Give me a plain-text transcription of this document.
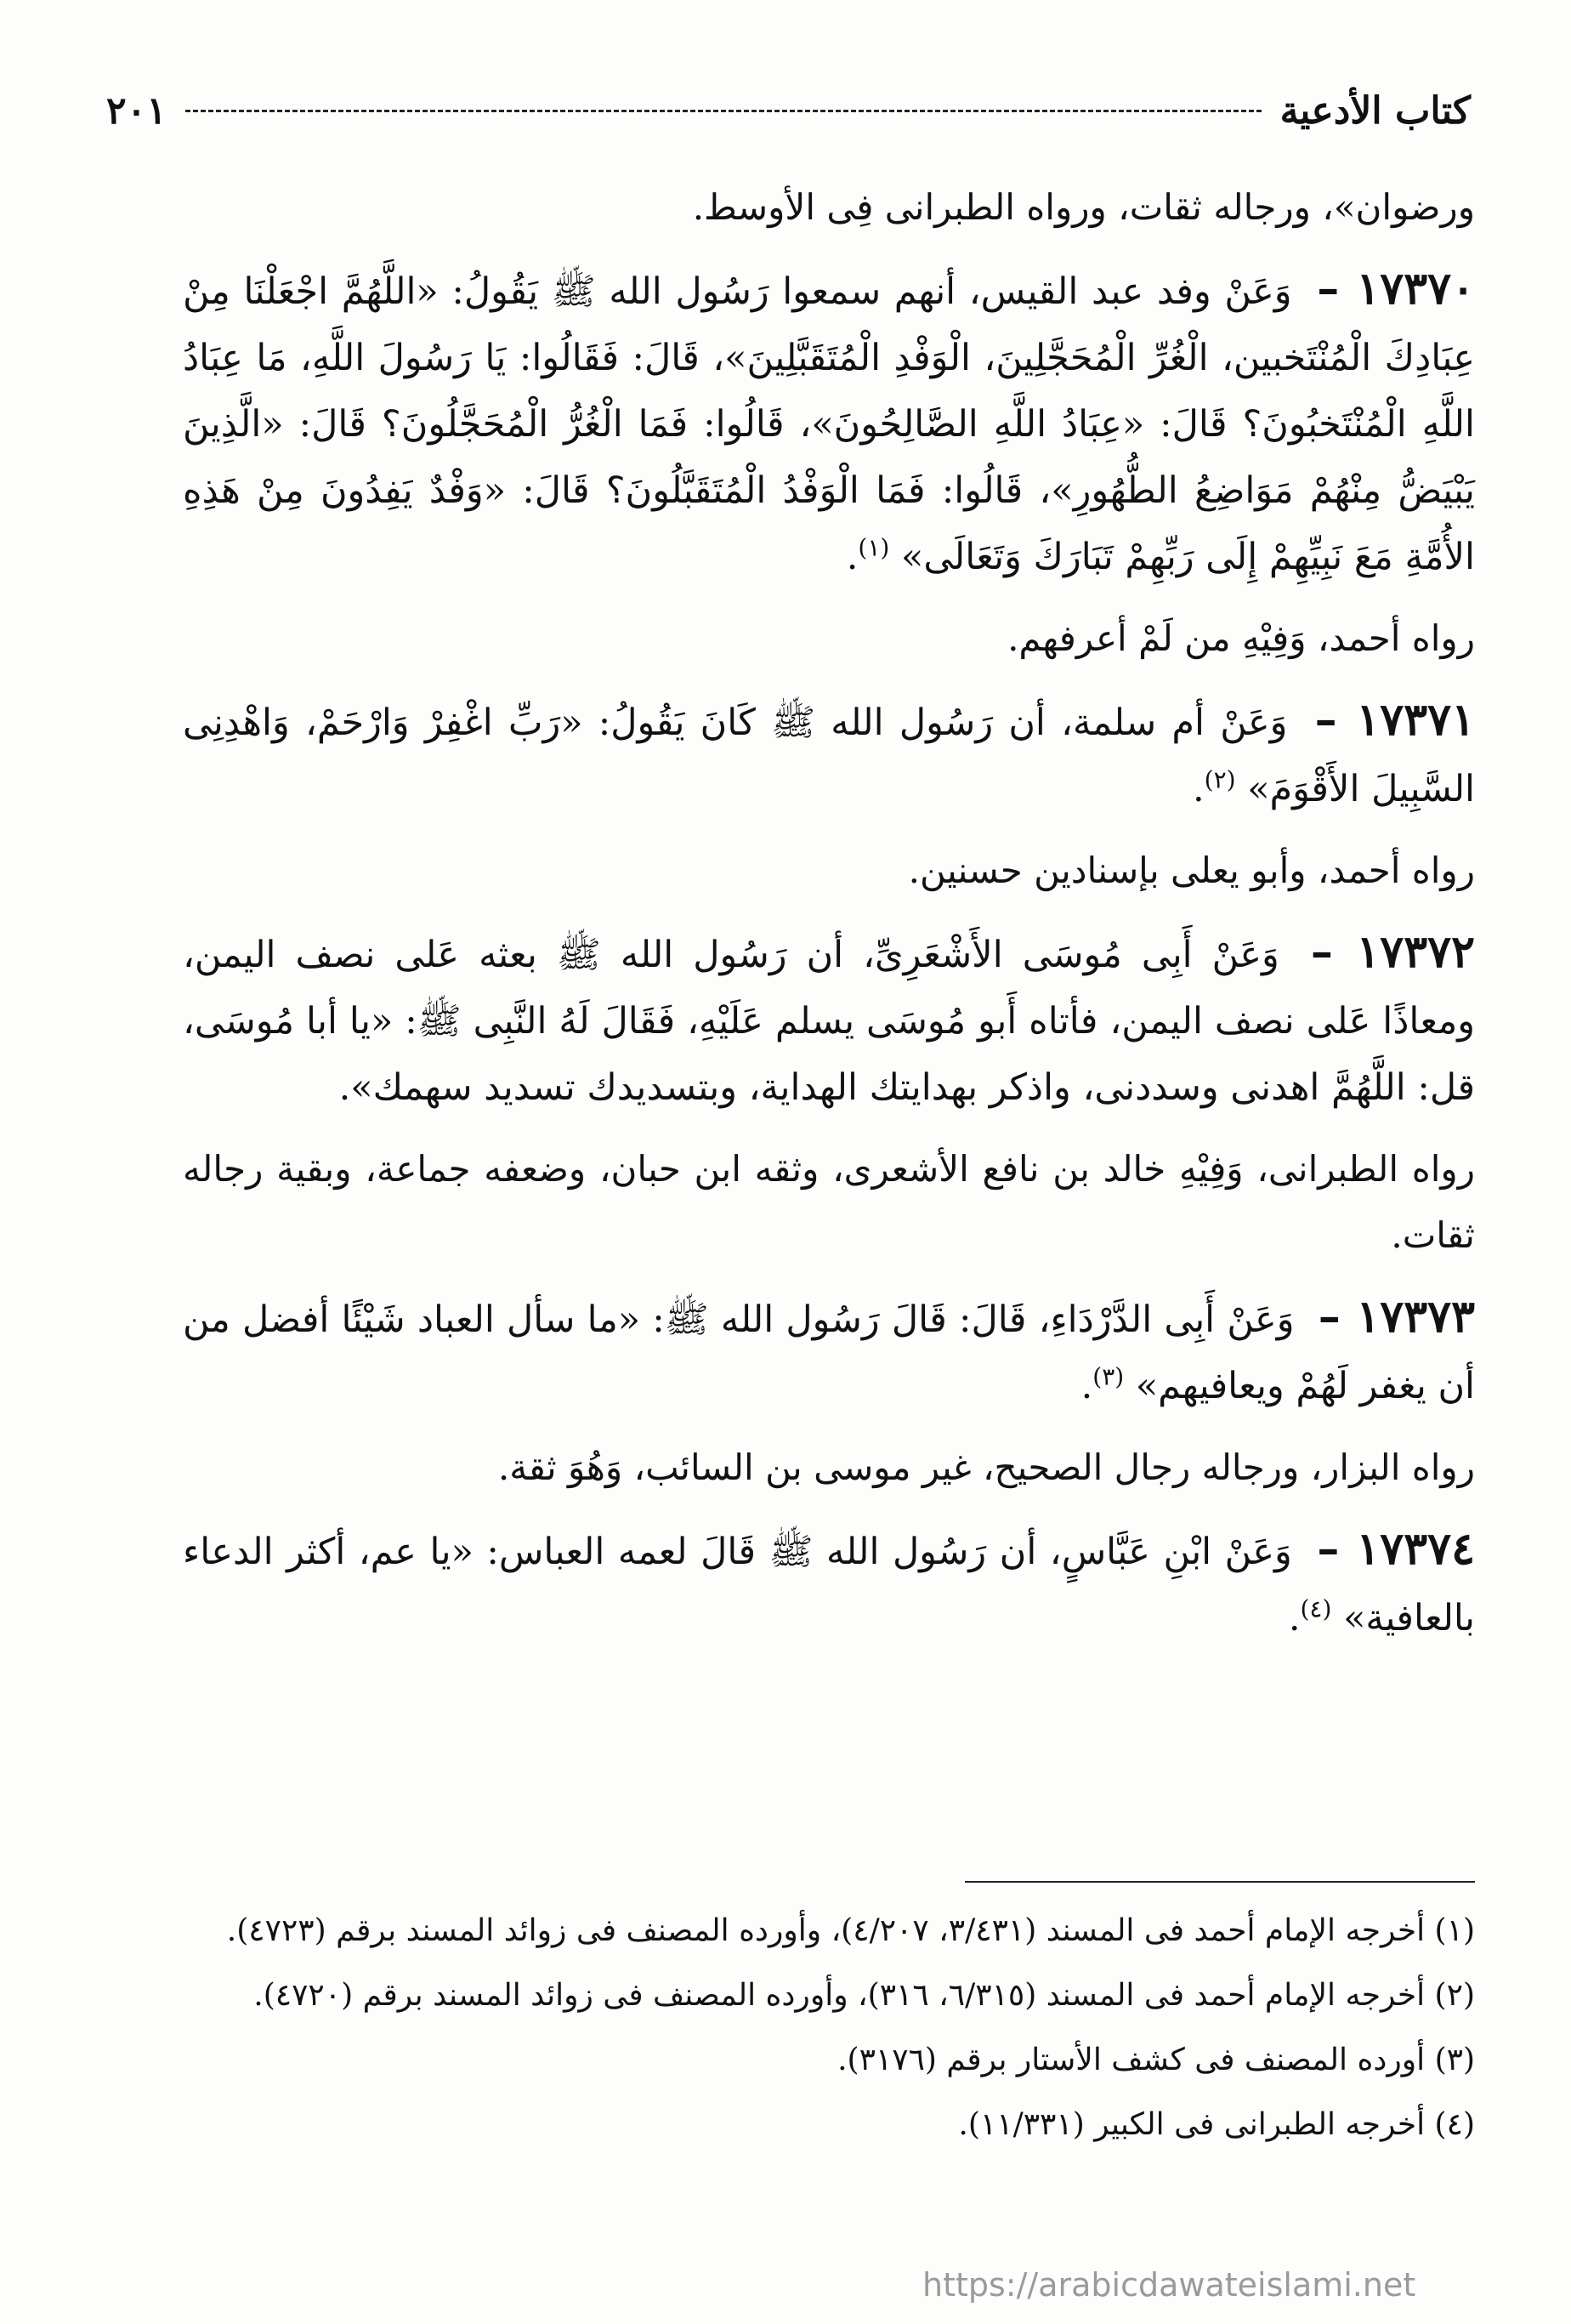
كتاب الأدعية
٢٠١

ورضوان»، ورجاله ثقات، ورواه الطبرانى فِى الأوسط.

١٧٣٧٠ – وَعَنْ وفد عبد القيس، أنهم سمعوا رَسُول الله ﷺ يَقُولُ: «اللَّهُمَّ اجْعَلْنَا مِنْ عِبَادِكَ الْمُنْتَخبين، الْغُرِّ الْمُحَجَّلِينَ، الْوَفْدِ الْمُتَقَبَّلِينَ»، قَالَ: فَقَالُوا: يَا رَسُولَ اللَّهِ، مَا عِبَادُ اللَّهِ الْمُنْتَخبُونَ؟ قَالَ: «عِبَادُ اللَّهِ الصَّالِحُونَ»، قَالُوا: فَمَا الْغُرُّ الْمُحَجَّلُونَ؟ قَالَ: «الَّذِينَ يَبْيَضُّ مِنْهُمْ مَوَاضِعُ الطُّهُورِ»، قَالُوا: فَمَا الْوَفْدُ الْمُتَقَبَّلُونَ؟ قَالَ: «وَفْدٌ يَفِدُونَ مِنْ هَذِهِ الأُمَّةِ مَعَ نَبِيِّهِمْ إِلَى رَبِّهِمْ تَبَارَكَ وَتَعَالَى» $^{(١)}$.

رواه أحمد، وَفِيْهِ من لَمْ أعرفهم.

١٧٣٧١ – وَعَنْ أم سلمة، أن رَسُول الله ﷺ كَانَ يَقُولُ: «رَبِّ اغْفِرْ وَارْحَمْ، وَاهْدِنِى السَّبِيلَ الأَقْوَمَ» $^{(٢)}$.

رواه أحمد، وأبو يعلى بإسنادين حسنين.

١٧٣٧٢ – وَعَنْ أَبِى مُوسَى الأَشْعَرِىِّ، أن رَسُول الله ﷺ بعثه عَلى نصف اليمن، ومعاذًا عَلى نصف اليمن، فأتاه أَبو مُوسَى يسلم عَلَيْهِ، فَقَالَ لَهُ النَّبِى ﷺ: «يا أبا مُوسَى، قل: اللَّهُمَّ اهدنى وسددنى، واذكر بهدايتك الهداية، وبتسديدك تسديد سهمك».

رواه الطبرانى، وَفِيْهِ خالد بن نافع الأشعرى، وثقه ابن حبان، وضعفه جماعة، وبقية رجاله ثقات.

١٧٣٧٣ – وَعَنْ أَبِى الدَّرْدَاءِ، قَالَ: قَالَ رَسُول الله ﷺ: «ما سأل العباد شَيْئًا أفضل من أن يغفر لَهُمْ ويعافيهم» $^{(٣)}$.

رواه البزار، ورجاله رجال الصحيح، غير موسى بن السائب، وَهُوَ ثقة.

١٧٣٧٤ – وَعَنْ ابْنِ عَبَّاسٍ، أن رَسُول الله ﷺ قَالَ لعمه العباس: «يا عم، أكثر الدعاء بالعافية» $^{(٤)}$.

(١) أخرجه الإمام أحمد فى المسند (٣/٤٣١، ٤/٢٠٧)، وأورده المصنف فى زوائد المسند برقم (٤٧٢٣).
(٢) أخرجه الإمام أحمد فى المسند (٦/٣١٥، ٣١٦)، وأورده المصنف فى زوائد المسند برقم (٤٧٢٠).
(٣) أورده المصنف فى كشف الأستار برقم (٣١٧٦).
(٤) أخرجه الطبرانى فى الكبير (١١/٣٣١).
https://arabicdawateislami.net
